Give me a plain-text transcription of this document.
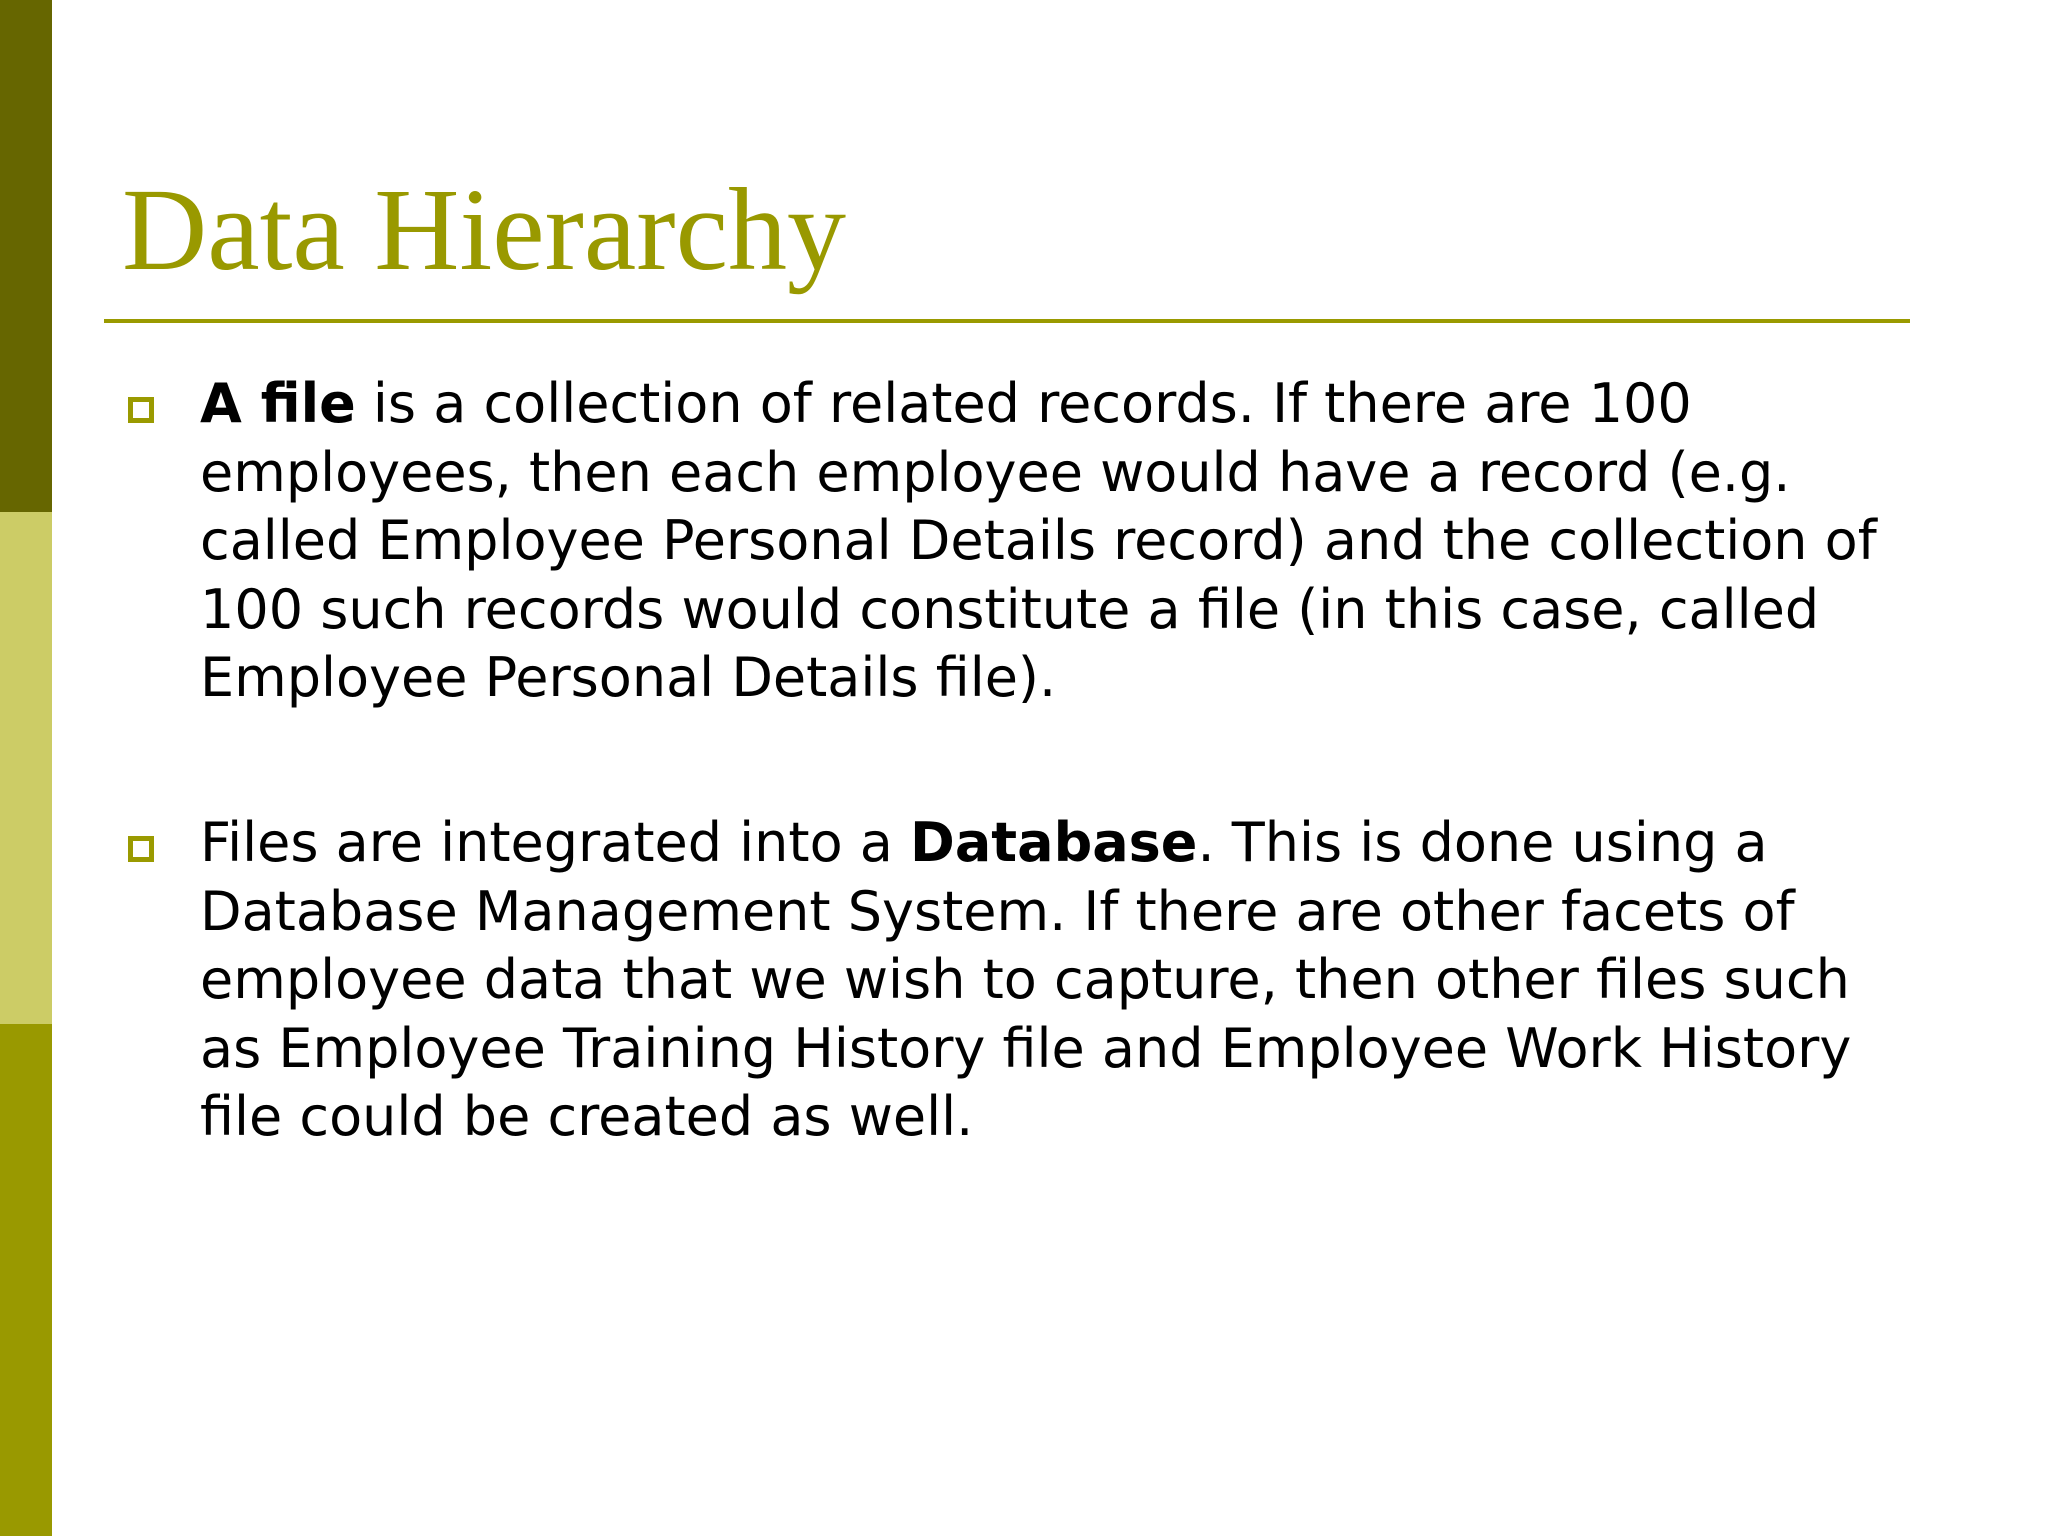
Data Hierarchy
A file is a collection of related records. If there are 100 employees, then each employee would have a record (e.g. called Employee Personal Details record) and the collection of 100 such records would constitute a file (in this case, called Employee Personal Details file).
Files are integrated into a Database. This is done using a Database Management System. If there are other facets of employee data that we wish to capture, then other files such as Employee Training History file and Employee Work History file could be created as well.
